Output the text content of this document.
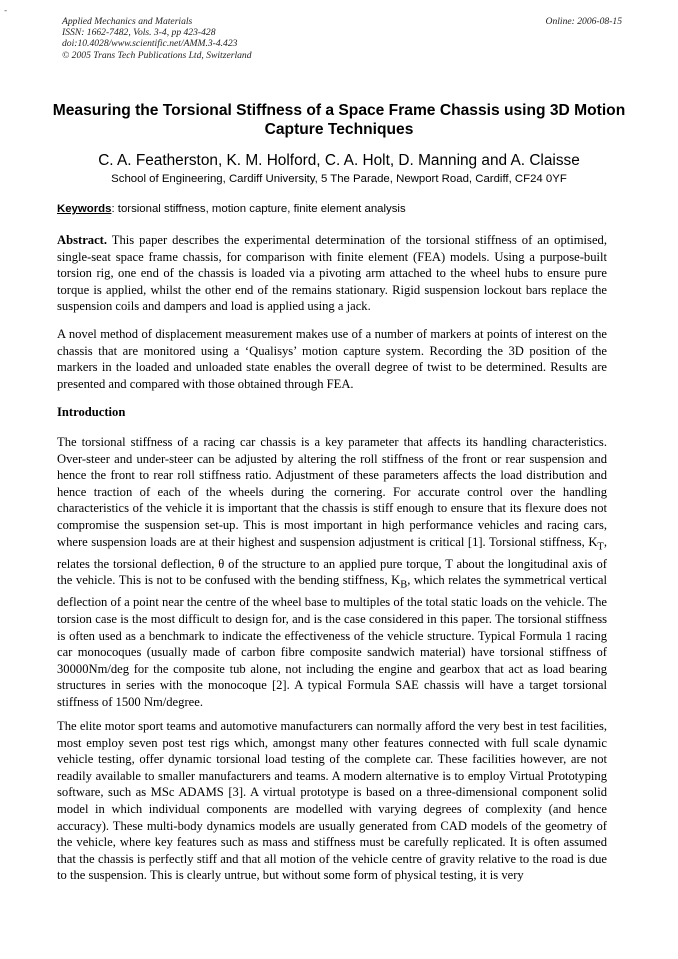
-
Applied Mechanics and Materials
ISSN: 1662-7482, Vols. 3-4, pp 423-428
doi:10.4028/www.scientific.net/AMM.3-4.423
© 2005 Trans Tech Publications Ltd, Switzerland
Online: 2006-08-15
Measuring the Torsional Stiffness of a Space Frame Chassis using 3D Motion Capture Techniques
C. A. Featherston, K. M. Holford, C. A. Holt, D. Manning and A. Claisse
School of Engineering, Cardiff University, 5 The Parade, Newport Road, Cardiff, CF24 0YF
Keywords: torsional stiffness, motion capture, finite element analysis
Abstract. This paper describes the experimental determination of the torsional stiffness of an optimised, single-seat space frame chassis, for comparison with finite element (FEA) models. Using a purpose-built torsion rig, one end of the chassis is loaded via a pivoting arm attached to the wheel hubs to ensure pure torque is applied, whilst the other end of the remains stationary. Rigid suspension lockout bars replace the suspension coils and dampers and load is applied using a jack.
A novel method of displacement measurement makes use of a number of markers at points of interest on the chassis that are monitored using a ‘Qualisys’ motion capture system. Recording the 3D position of the markers in the loaded and unloaded state enables the overall degree of twist to be determined. Results are presented and compared with those obtained through FEA.
Introduction
The torsional stiffness of a racing car chassis is a key parameter that affects its handling characteristics. Over-steer and under-steer can be adjusted by altering the roll stiffness of the front or rear suspension and hence the front to rear roll stiffness ratio. Adjustment of these parameters affects the load distribution and hence traction of each of the wheels during the cornering. For accurate control over the handling characteristics of the vehicle it is important that the chassis is stiff enough to ensure that its flexure does not compromise the suspension set-up. This is most important in high performance vehicles and racing cars, where suspension loads are at their highest and suspension adjustment is critical [1]. Torsional stiffness, $K_T$, relates the torsional deflection, θ of the structure to an applied pure torque, T about the longitudinal axis of the vehicle. This is not to be confused with the bending stiffness, $K_B$, which relates the symmetrical vertical deflection of a point near the centre of the wheel base to multiples of the total static loads on the vehicle. The torsion case is the most difficult to design for, and is the case considered in this paper. The torsional stiffness is often used as a benchmark to indicate the effectiveness of the vehicle structure. Typical Formula 1 racing car monocoques (usually made of carbon fibre composite sandwich material) have torsional stiffness of 30000Nm/deg for the composite tub alone, not including the engine and gearbox that act as load bearing structures in series with the monocoque [2]. A typical Formula SAE chassis will have a target torsional stiffness of 1500 Nm/degree.
The elite motor sport teams and automotive manufacturers can normally afford the very best in test facilities, most employ seven post test rigs which, amongst many other features connected with full scale dynamic vehicle testing, offer dynamic torsional load testing of the complete car. These facilities however, are not readily available to smaller manufacturers and teams. A modern alternative is to employ Virtual Prototyping software, such as MSc ADAMS [3]. A virtual prototype is based on a three-dimensional component solid model in which individual components are modelled with varying degrees of complexity (and hence accuracy). These multi-body dynamics models are usually generated from CAD models of the geometry of the vehicle, where key features such as mass and stiffness must be carefully replicated. It is often assumed that the chassis is perfectly stiff and that all motion of the vehicle centre of gravity relative to the road is due to the suspension. This is clearly untrue, but without some form of physical testing, it is very
